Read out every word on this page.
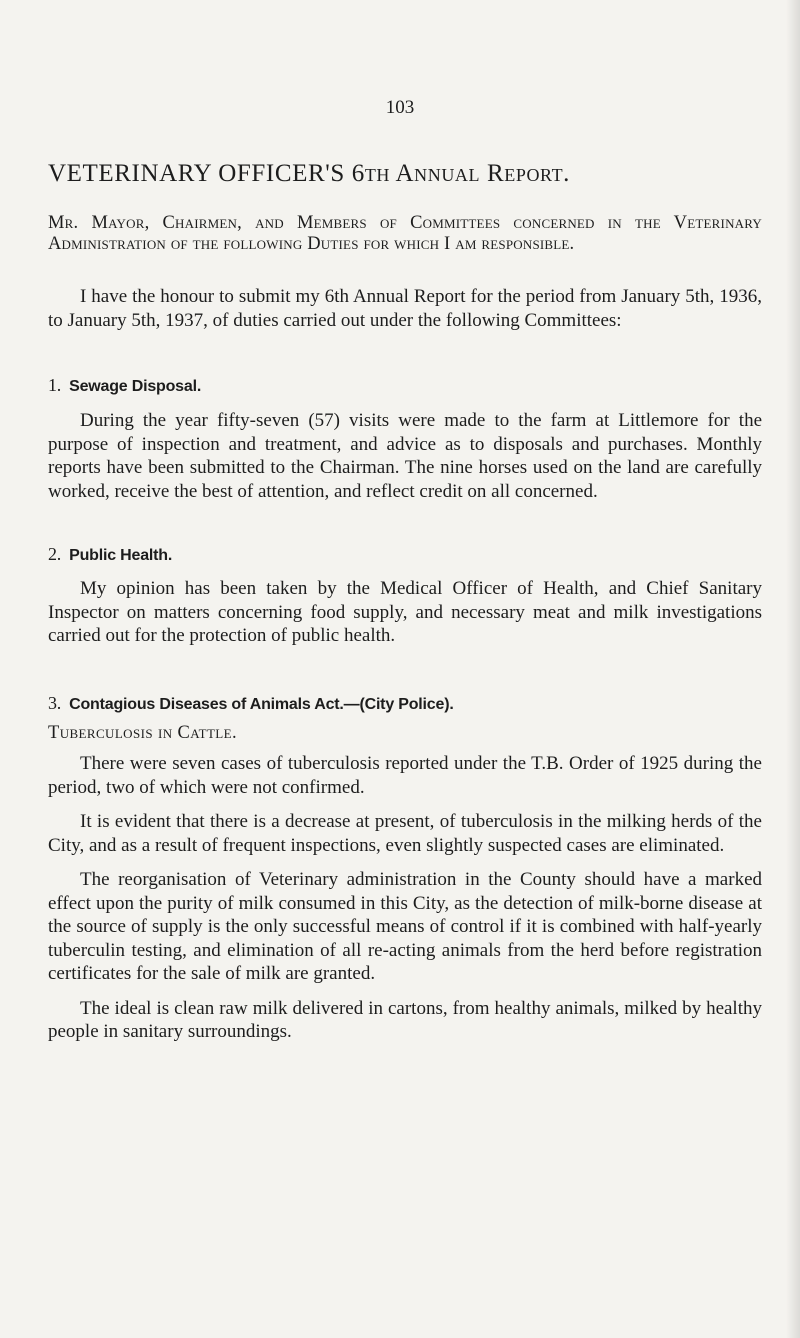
103
VETERINARY OFFICER'S 6th Annual Report.
Mr. Mayor, Chairmen, and Members of Committees concerned in the Veterinary Administration of the following Duties for which I am responsible.

I have the honour to submit my 6th Annual Report for the period from January 5th, 1936, to January 5th, 1937, of duties carried out under the following Committees:

1. Sewage Disposal.

During the year fifty-seven (57) visits were made to the farm at Littlemore for the purpose of inspection and treatment, and advice as to disposals and purchases. Monthly reports have been submitted to the Chairman. The nine horses used on the land are carefully worked, receive the best of attention, and reflect credit on all concerned.

2. Public Health.

My opinion has been taken by the Medical Officer of Health, and Chief Sanitary Inspector on matters concerning food supply, and necessary meat and milk investigations carried out for the protection of public health.

3. Contagious Diseases of Animals Act.—(City Police).
Tuberculosis in Cattle.

There were seven cases of tuberculosis reported under the T.B. Order of 1925 during the period, two of which were not confirmed.

It is evident that there is a decrease at present, of tuberculosis in the milking herds of the City, and as a result of frequent inspections, even slightly suspected cases are eliminated.

The reorganisation of Veterinary administration in the County should have a marked effect upon the purity of milk consumed in this City, as the detection of milk-borne disease at the source of supply is the only successful means of control if it is combined with half-yearly tuberculin testing, and elimination of all re-acting animals from the herd before registration certificates for the sale of milk are granted.

The ideal is clean raw milk delivered in cartons, from healthy animals, milked by healthy people in sanitary surroundings.
